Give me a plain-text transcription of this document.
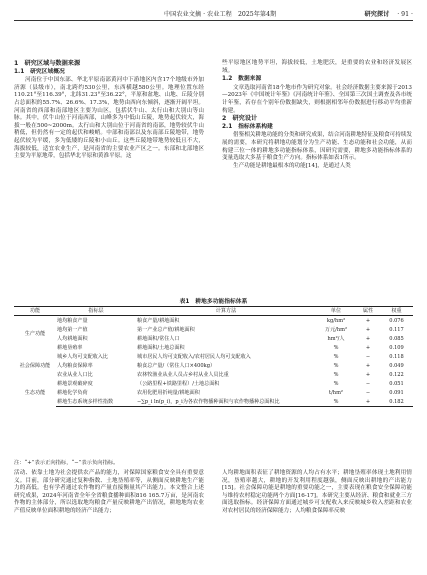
中国农业文摘 · 农业工程　2025年第4期	研究探讨 · 91 ·
1　研究区域与数据来源
1.1　研究区域概况

河南位于中国东部、华北平原南部黄河中下游地区内含17个地级市外加济源（县级市），南北跨约530公里，东西横越580公里。地理位置东经110.21°至116.39°，北纬31.23°至36.22°，平原和盆地、山地、丘陵分别占总面积的55.7%、26.6%、17.3%，地势由西向东倾斜，逐渐开阔平坦。河南省的西部和南部地区主要为山区，包括伏牛山、太行山和大别山等山脉。其中，伏牛山位于河南西部，山峰多为中低山丘陵，地势起伏较大，海拔一般在500~2000m。太行山和大别山位于河南省的南部，地势较伏牛山稍低，但仍然有一定的起伏和峻峭。中部和南部以及东南部丘陵地带，地势起伏较为平缓，多为低矮的丘陵和小山丘。这些丘陵地带地势较低且不大，海拔较低，适宜农业生产，是河南省的主要农业产区之一。东部和北部地区主要为平原地带，包括华北平原和黄淮平原。这

些平原地区地势平坦，海拔较低，土地肥沃，是重要的农业和经济发展区域。

1.2　数据来源

文章选取河南省18个地市作为研究对象。社会经济数据主要来源于2013—2023年《中国统计年鉴》《河南统计年鉴》、全国第三次国土调查及各市统计年鉴，若存在个别年份数据缺失，则根据相邻年份数据进行移动平均重新构建。

2　研究设计
2.1　指标体系构建

借鉴相关耕地功能的分类和研究成果，结合河南耕地特征及粮食可持续发展的需要，本研究将耕地功能划分为生产功能、生态功能和社会功能，从而构建三位一体的耕地多功能指标体系，因研究需要，耕地多功能指标体系的变量选取大多基于粮食生产方向。指标体系如表1所示。

生产功能是耕地最根本的功能[14]，是通过人类

表1　耕地多功能指标体系
功能	指标层	计算方法	单位	属性	权重
生产功能	地均粮食产量	粮食产量/耕地面积	kg/hm²	+	0.076
	地均第一产值	第一产业总产值/耕地面积	万元/hm²	+	0.117
	人均耕地面积	耕地面积/常住人口	hm²/人	+	0.085
	耕地垦殖率	耕地面积/土地总面积	%	+	0.109
社会保障功能	城乡人均可支配收入比	城市居民人均可支配收入/农村居民人均可支配收入	%	−	0.118
	人均粮食保障率	粮食总产量/（常住人口×400kg）	%	+	0.049
	农业从业人口比	农林牧渔业从业人员占乡村从业人员比重	%	+	0.122
生态功能	耕地景观破碎度	（公路里程+铁路里程）/土地总面积	%	−	0.051
	耕地化学负荷	农用化肥用折纯量/耕地面积	t/hm²	−	0.091
	耕地生态系统多样性指数	−∑p_i ln(p_i)，p_i为各农作物播种面积与农作物播种总面积比	%	+	0.182
注：“+”表示正向指标，“−”表示负向指标。

活动、依靠土地为社会提供农产品的能力，对保障国家粮食安全具有重要意义。目前，部分研究通过复种指数、土地垦殖率等，从侧面反映耕地生产能力的高低。也有学者通过农作物的产量直接衡量其产出能力。本文整合上述研究成果，2024年河南省全年全省粮食播种面积816 165.7万亩，是河南农作物的主体部分，所以选取地均粮食产量反映耕地产出情况，耕地地均农业产值反映单位面积耕地的经济产出能力；

人均耕地面积表征了耕地资源的人均占有水平；耕地垦殖率体现土地利用情况，垦殖率越大，耕地的开发利用程度越强，侧面反映出耕地的产出能力[15]。社会保障功能是耕地的重要功能之一，主要表现在粮食安全保障功能与维持农村稳定功能两个方面[16-17]。本研究主要从经济、粮食和就业三方面选取指标。经济保障方面通过城乡可支配收入来反映城乡收入差距和农业对农村居民的经济保障能力；人均粮食保障率反映
